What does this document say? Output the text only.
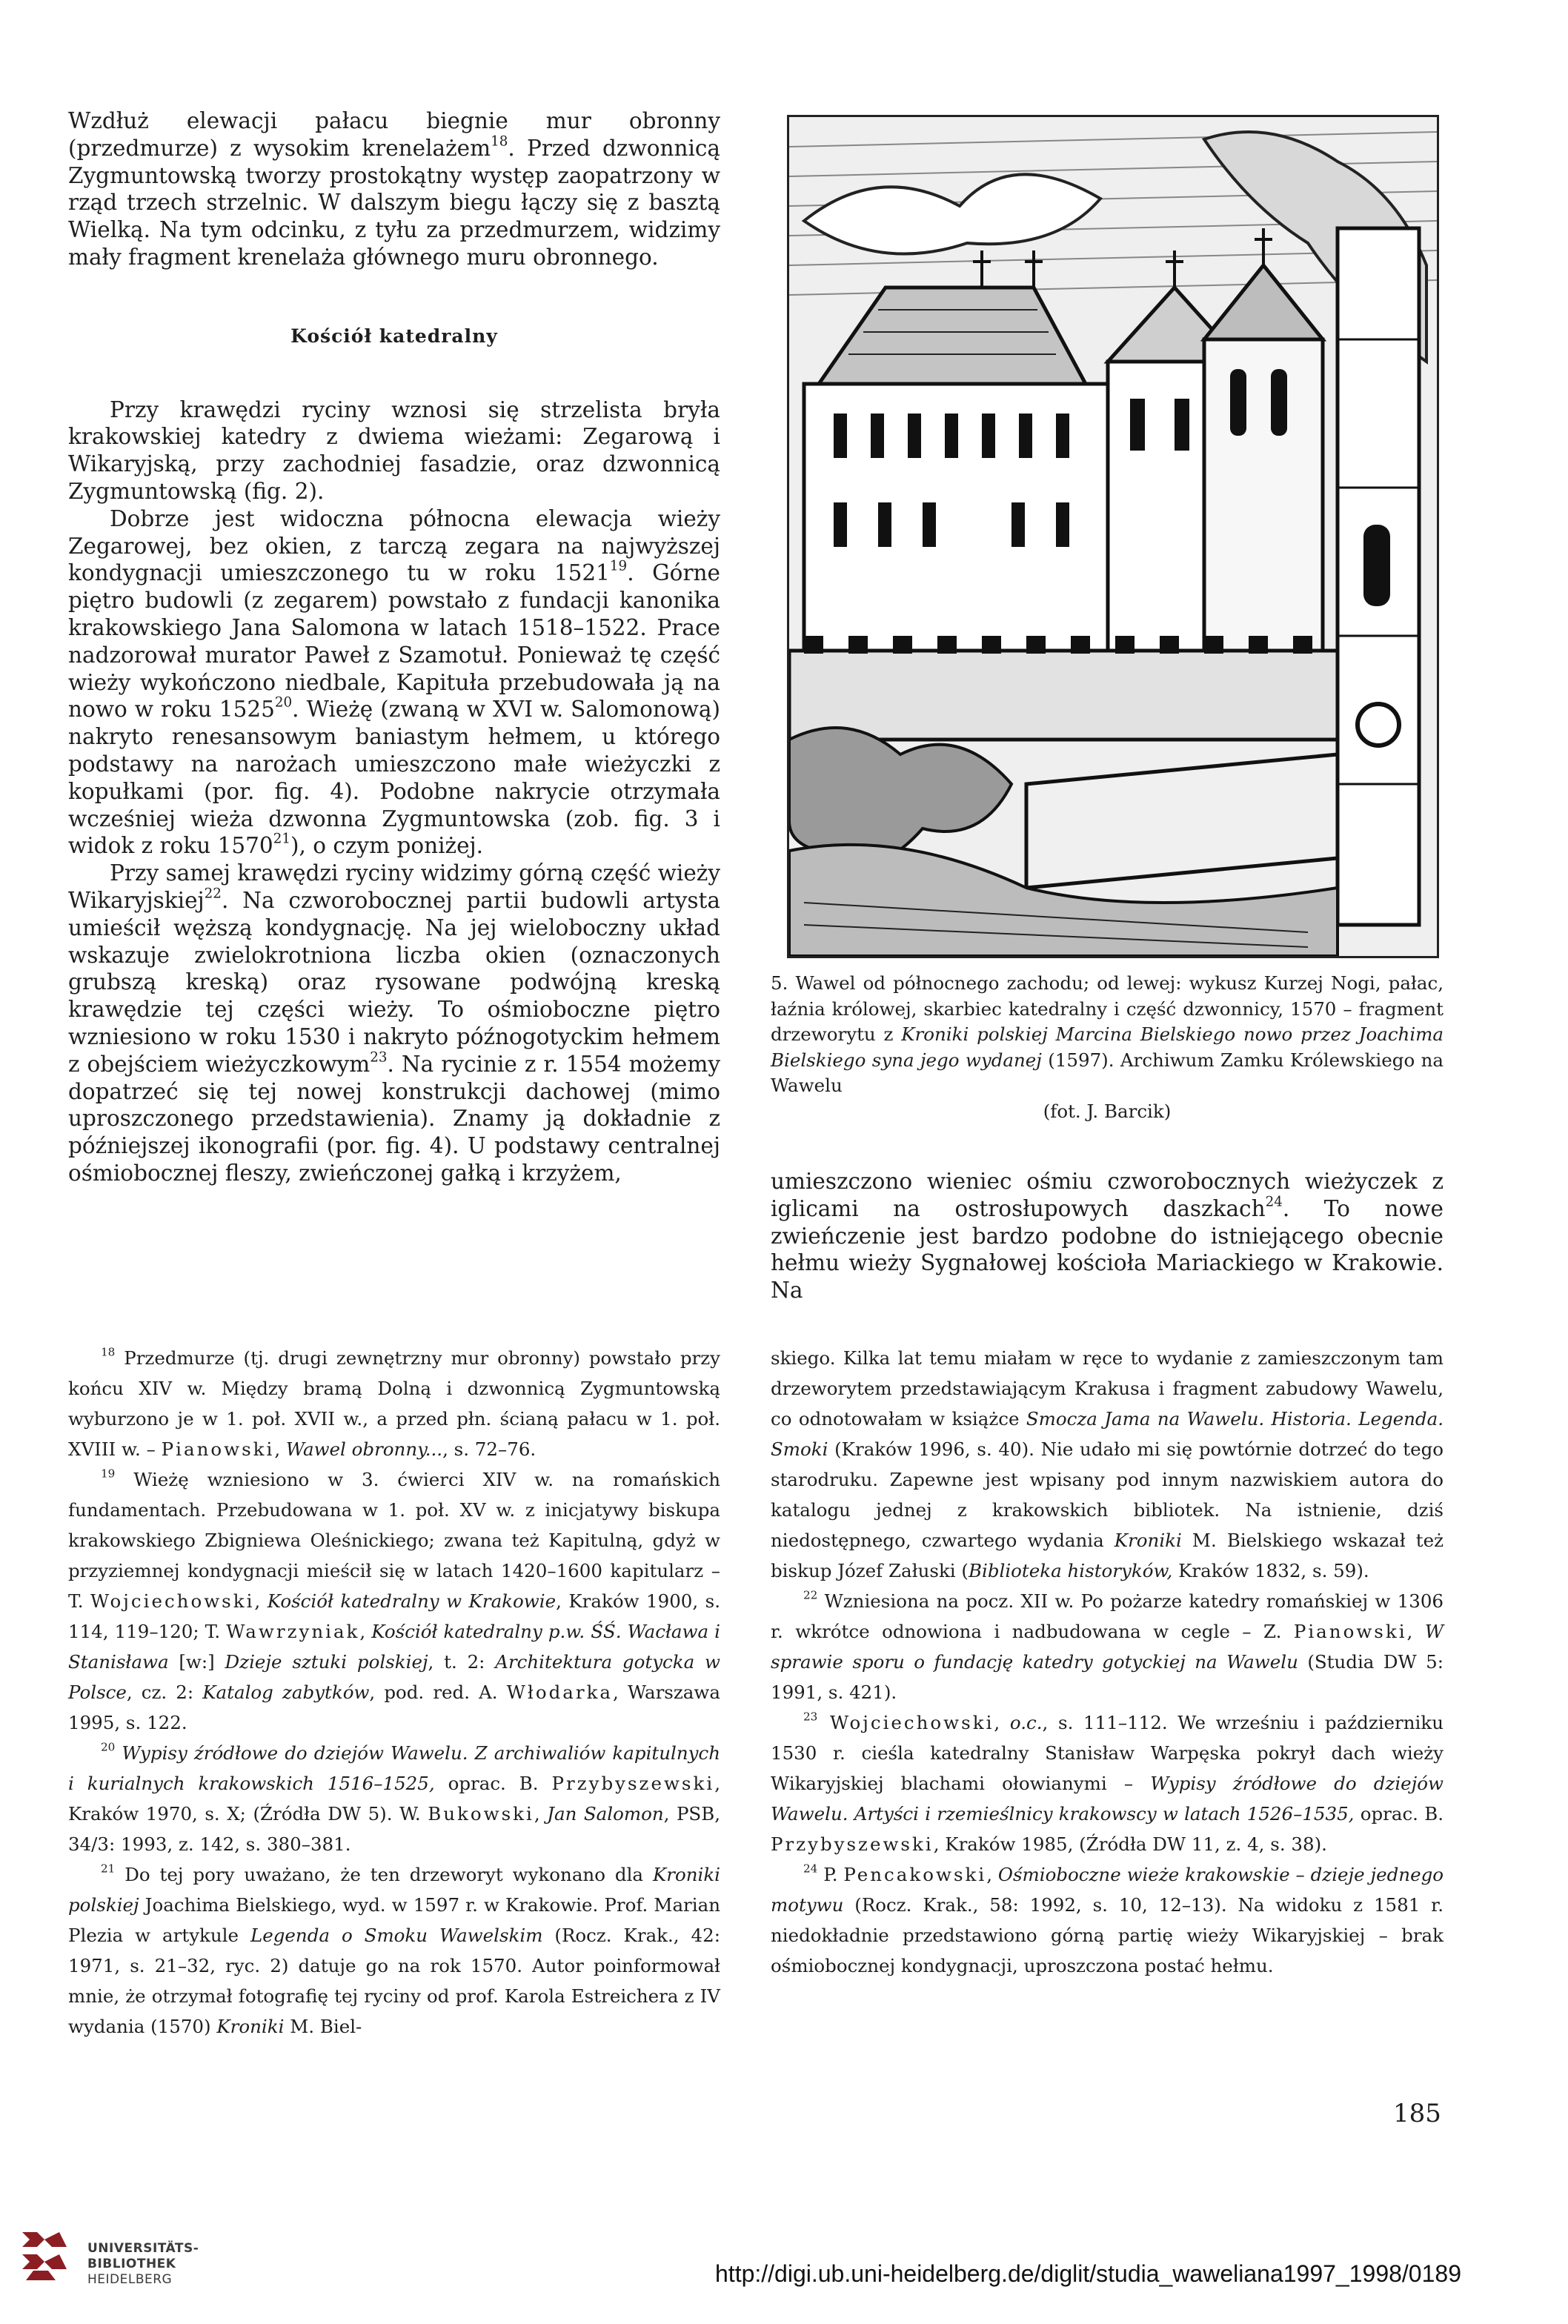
Wzdłuż elewacji pałacu biegnie mur obronny (przedmurze) z wysokim krenelażem$^{18}$. Przed dzwonnicą Zygmuntowską tworzy prostokątny występ zaopatrzony w rząd trzech strzelnic. W dalszym biegu łączy się z basztą Wielką. Na tym odcinku, z tyłu za przedmurzem, widzimy mały fragment krenelaża głównego muru obronnego.

Kościół katedralny

Przy krawędzi ryciny wznosi się strzelista bryła krakowskiej katedry z dwiema wieżami: Zegarową i Wikaryjską, przy zachodniej fasadzie, oraz dzwonnicą Zygmuntowską (fig. 2).

Dobrze jest widoczna północna elewacja wieży Zegarowej, bez okien, z tarczą zegara na najwyższej kondygnacji umieszczonego tu w roku 1521$^{19}$. Górne piętro budowli (z zegarem) powstało z fundacji kanonika krakowskiego Jana Salomona w latach 1518–1522. Prace nadzorował murator Paweł z Szamotuł. Ponieważ tę część wieży wykończono niedbale, Kapituła przebudowała ją na nowo w roku 1525$^{20}$. Wieżę (zwaną w XVI w. Salomonową) nakryto renesansowym baniastym hełmem, u którego podstawy na narożach umieszczono małe wieżyczki z kopułkami (por. fig. 4). Podobne nakrycie otrzymała wcześniej wieża dzwonna Zygmuntowska (zob. fig. 3 i widok z roku 1570$^{21}$), o czym poniżej.

Przy samej krawędzi ryciny widzimy górną część wieży Wikaryjskiej$^{22}$. Na czworobocznej partii budowli artysta umieścił węższą kondygnację. Na jej wieloboczny układ wskazuje zwielokrotniona liczba okien (oznaczonych grubszą kreską) oraz rysowane podwójną kreską krawędzie tej części wieży. To ośmioboczne piętro wzniesiono w roku 1530 i nakryto późnogotyckim hełmem z obejściem wieżyczkowym$^{23}$. Na rycinie z r. 1554 możemy dopatrzeć się tej nowej konstrukcji dachowej (mimo uproszczonego przedstawienia). Znamy ją dokładnie z późniejszej ikonografii (por. fig. 4). U podstawy centralnej ośmiobocznej fleszy, zwieńczonej gałką i krzyżem,

$^{18}$ Przedmurze (tj. drugi zewnętrzny mur obronny) powstało przy końcu XIV w. Między bramą Dolną i dzwonnicą Zygmuntowską wyburzono je w 1. poł. XVII w., a przed płn. ścianą pałacu w 1. poł. XVIII w. – Pianowski, Wawel obronny..., s. 72–76.

$^{19}$ Wieżę wzniesiono w 3. ćwierci XIV w. na romańskich fundamentach. Przebudowana w 1. poł. XV w. z inicjatywy biskupa krakowskiego Zbigniewa Oleśnickiego; zwana też Kapitulną, gdyż w przyziemnej kondygnacji mieścił się w latach 1420–1600 kapitularz – T. Wojciechowski, Kościół katedralny w Krakowie, Kraków 1900, s. 114, 119–120; T. Wawrzyniak, Kościół katedralny p.w. ŚŚ. Wacława i Stanisława [w:] Dzieje sztuki polskiej, t. 2: Architektura gotycka w Polsce, cz. 2: Katalog zabytków, pod. red. A. Włodarka, Warszawa 1995, s. 122.

$^{20}$ Wypisy źródłowe do dziejów Wawelu. Z archiwaliów kapitulnych i kurialnych krakowskich 1516–1525, oprac. B. Przybyszewski, Kraków 1970, s. X; (Źródła DW 5). W. Bukowski, Jan Salomon, PSB, 34/3: 1993, z. 142, s. 380–381.

$^{21}$ Do tej pory uważano, że ten drzeworyt wykonano dla Kroniki polskiej Joachima Bielskiego, wyd. w 1597 r. w Krakowie. Prof. Marian Plezia w artykule Legenda o Smoku Wawelskim (Rocz. Krak., 42: 1971, s. 21–32, ryc. 2) datuje go na rok 1570. Autor poinformował mnie, że otrzymał fotografię tej ryciny od prof. Karola Estreichera z IV wydania (1570) Kroniki M. Biel-

5. Wawel od północnego zachodu; od lewej: wykusz Kurzej Nogi, pałac, łaźnia królowej, skarbiec katedralny i część dzwonnicy, 1570 – fragment drzeworytu z Kroniki polskiej Marcina Bielskiego nowo przez Joachima Bielskiego syna jego wydanej (1597). Archiwum Zamku Królewskiego na Wawelu
(fot. J. Barcik)

umieszczono wieniec ośmiu czworobocznych wieżyczek z iglicami na ostrosłupowych daszkach$^{24}$. To nowe zwieńczenie jest bardzo podobne do istniejącego obecnie hełmu wieży Sygnałowej kościoła Mariackiego w Krakowie. Na

skiego. Kilka lat temu miałam w ręce to wydanie z zamieszczonym tam drzeworytem przedstawiającym Krakusa i fragment zabudowy Wawelu, co odnotowałam w książce Smocza Jama na Wawelu. Historia. Legenda. Smoki (Kraków 1996, s. 40). Nie udało mi się powtórnie dotrzeć do tego starodruku. Zapewne jest wpisany pod innym nazwiskiem autora do katalogu jednej z krakowskich bibliotek. Na istnienie, dziś niedostępnego, czwartego wydania Kroniki M. Bielskiego wskazał też biskup Józef Załuski (Biblioteka historyków, Kraków 1832, s. 59).

$^{22}$ Wzniesiona na pocz. XII w. Po pożarze katedry romańskiej w 1306 r. wkrótce odnowiona i nadbudowana w cegle – Z. Pianowski, W sprawie sporu o fundację katedry gotyckiej na Wawelu (Studia DW 5: 1991, s. 421).

$^{23}$ Wojciechowski, o.c., s. 111–112. We wrześniu i październiku 1530 r. cieśla katedralny Stanisław Warpęska pokrył dach wieży Wikaryjskiej blachami ołowianymi – Wypisy źródłowe do dziejów Wawelu. Artyści i rzemieślnicy krakowscy w latach 1526–1535, oprac. B. Przybyszewski, Kraków 1985, (Źródła DW 11, z. 4, s. 38).

$^{24}$ P. Pencakowski, Ośmioboczne wieże krakowskie – dzieje jednego motywu (Rocz. Krak., 58: 1992, s. 10, 12–13). Na widoku z 1581 r. niedokładnie przedstawiono górną partię wieży Wikaryjskiej – brak ośmiobocznej kondygnacji, uproszczona postać hełmu.

185
UNIVERSITÄTS-
BIBLIOTHEK
HEIDELBERG	http://digi.ub.uni-heidelberg.de/diglit/studia_waweliana1997_1998/0189
